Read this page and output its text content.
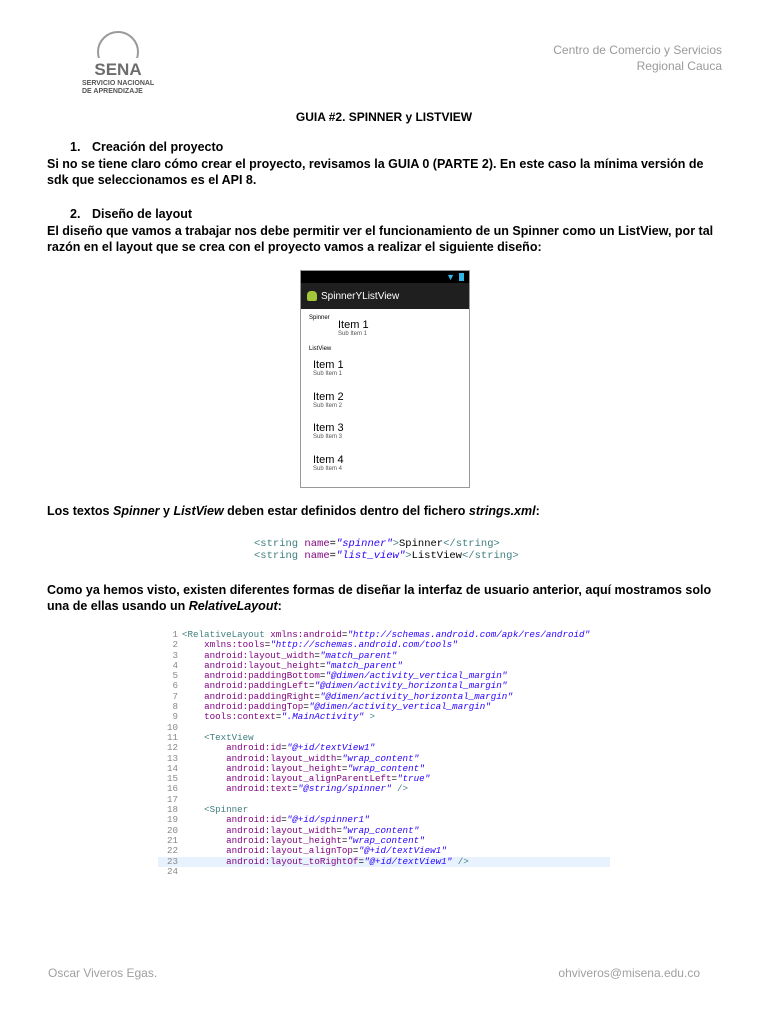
SENA
SERVICIO NACIONAL
DE APRENDIZAJE
Centro de Comercio y Servicios
Regional Cauca
GUIA #2. SPINNER y LISTVIEW
1. Creación del proyecto
Si no se tiene claro cómo crear el proyecto, revisamos la GUIA 0 (PARTE 2). En este caso la mínima versión de sdk que seleccionamos es el API 8.
2. Diseño de layout
El diseño que vamos a trabajar nos debe permitir ver el funcionamiento de un Spinner como un ListView, por tal razón en el layout que se crea con el proyecto vamos a realizar el siguiente diseño:
▼
SpinnerYListView
Spinner
Item 1
Sub Item 1
ListView
Item 1
Sub Item 1
Item 2
Sub Item 2
Item 3
Sub Item 3
Item 4
Sub Item 4
Los textos Spinner y ListView deben estar definidos dentro del fichero strings.xml:
<string name="spinner">Spinner</string>
<string name="list_view">ListView</string>
Como ya hemos visto, existen diferentes formas de diseñar la interfaz de usuario anterior, aquí mostramos solo una de ellas usando un RelativeLayout:
1 <RelativeLayout xmlns:android="http://schemas.android.com/apk/res/android"
2	xmlns:tools="http://schemas.android.com/tools"
3	android:layout_width="match_parent"
4	android:layout_height="match_parent"
5	android:paddingBottom="@dimen/activity_vertical_margin"
6	android:paddingLeft="@dimen/activity_horizontal_margin"
7	android:paddingRight="@dimen/activity_horizontal_margin"
8	android:paddingTop="@dimen/activity_vertical_margin"
9	tools:context=".MainActivity" >
10
11	<TextView
12	android:id="@+id/textView1"
13	android:layout_width="wrap_content"
14	android:layout_height="wrap_content"
15	android:layout_alignParentLeft="true"
16	android:text="@string/spinner" />
17
18	<Spinner
19	android:id="@+id/spinner1"
20	android:layout_width="wrap_content"
21	android:layout_height="wrap_content"
22	android:layout_alignTop="@+id/textView1"
23	android:layout_toRightOf="@+id/textView1" />
24
Oscar Viveros Egas.	ohviveros@misena.edu.co
